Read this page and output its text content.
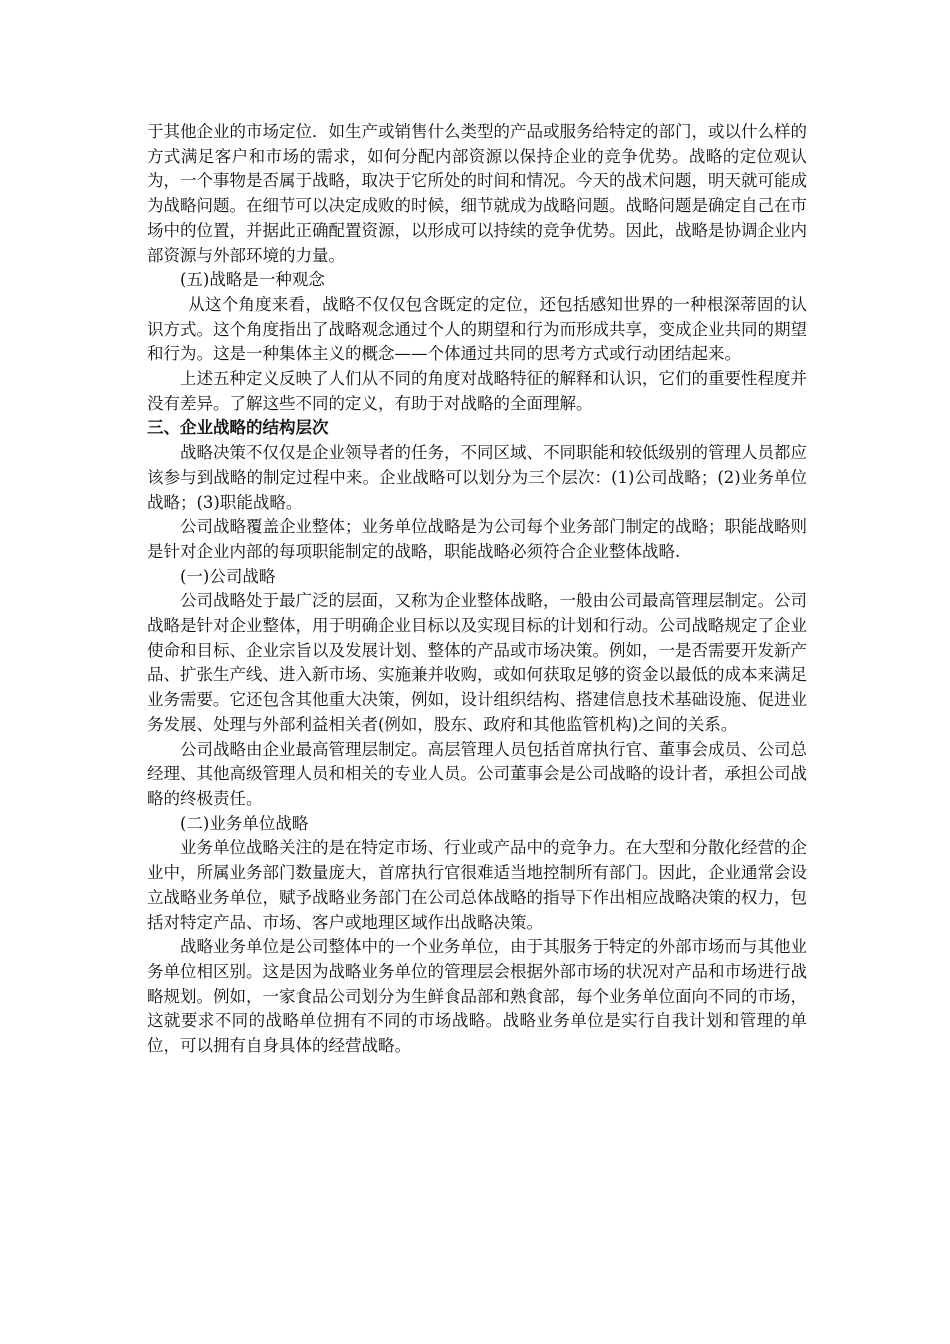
于其他企业的市场定位．如生产或销售什么类型的产品或服务给特定的部门，或以什么样的方式满足客户和市场的需求，如何分配内部资源以保持企业的竞争优势。战略的定位观认为，一个事物是否属于战略，取决于它所处的时间和情况。今天的战术问题，明天就可能成为战略问题。在细节可以决定成败的时候，细节就成为战略问题。战略问题是确定自己在市场中的位置，并据此正确配置资源，以形成可以持续的竞争优势。因此，战略是协调企业内部资源与外部环境的力量。

(五)战略是一种观念

从这个角度来看，战略不仅仅包含既定的定位，还包括感知世界的一种根深蒂固的认识方式。这个角度指出了战略观念通过个人的期望和行为而形成共享，变成企业共同的期望和行为。这是一种集体主义的概念——个体通过共同的思考方式或行动团结起来。

上述五种定义反映了人们从不同的角度对战略特征的解释和认识，它们的重要性程度并没有差异。了解这些不同的定义，有助于对战略的全面理解。

三、企业战略的结构层次

战略决策不仅仅是企业领导者的任务，不同区域、不同职能和较低级别的管理人员都应该参与到战略的制定过程中来。企业战略可以划分为三个层次：(1)公司战略；(2)业务单位战略；(3)职能战略。

公司战略覆盖企业整体；业务单位战略是为公司每个业务部门制定的战略；职能战略则是针对企业内部的每项职能制定的战略，职能战略必须符合企业整体战略.

(一)公司战略

公司战略处于最广泛的层面，又称为企业整体战略，一般由公司最高管理层制定。公司战略是针对企业整体，用于明确企业目标以及实现目标的计划和行动。公司战略规定了企业使命和目标、企业宗旨以及发展计划、整体的产品或市场决策。例如，一是否需要开发新产品、扩张生产线、进入新市场、实施兼并收购，或如何获取足够的资金以最低的成本来满足业务需要。它还包含其他重大决策，例如，设计组织结构、搭建信息技术基础设施、促进业务发展、处理与外部利益相关者(例如，股东、政府和其他监管机构)之间的关系。

公司战略由企业最高管理层制定。高层管理人员包括首席执行官、董事会成员、公司总经理、其他高级管理人员和相关的专业人员。公司董事会是公司战略的设计者，承担公司战略的终极责任。

(二)业务单位战略

业务单位战略关注的是在特定市场、行业或产品中的竞争力。在大型和分散化经营的企业中，所属业务部门数量庞大，首席执行官很难适当地控制所有部门。因此，企业通常会设立战略业务单位，赋予战略业务部门在公司总体战略的指导下作出相应战略决策的权力，包括对特定产品、市场、客户或地理区域作出战略决策。

战略业务单位是公司整体中的一个业务单位，由于其服务于特定的外部市场而与其他业务单位相区别。这是因为战略业务单位的管理层会根据外部市场的状况对产品和市场进行战略规划。例如，一家食品公司划分为生鲜食品部和熟食部，每个业务单位面向不同的市场，这就要求不同的战略单位拥有不同的市场战略。战略业务单位是实行自我计划和管理的单位，可以拥有自身具体的经营战略。
